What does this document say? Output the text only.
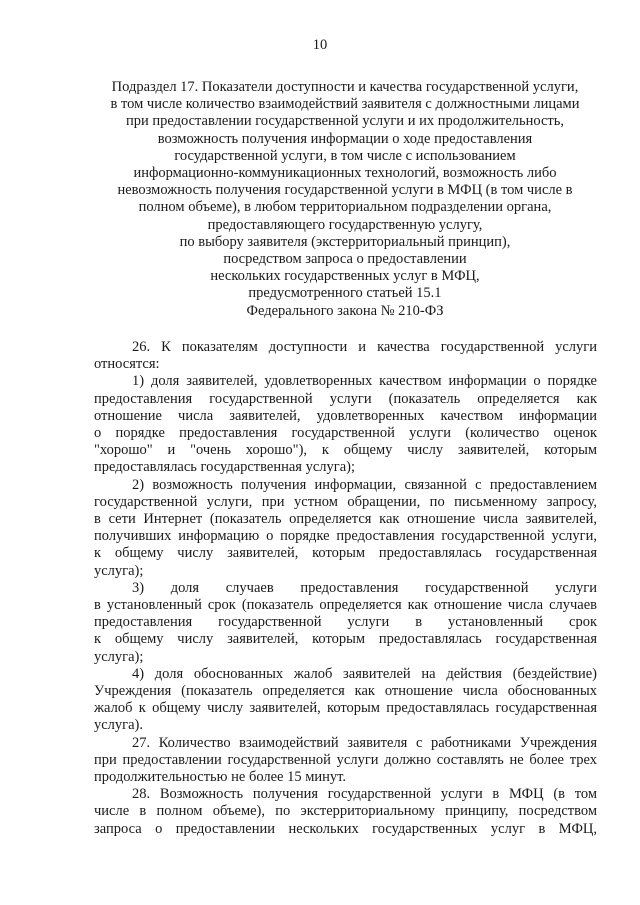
10
Подраздел 17. Показатели доступности и качества государственной услуги,
в том числе количество взаимодействий заявителя с должностными лицами
при предоставлении государственной услуги и их продолжительность,
возможность получения информации о ходе предоставления
государственной услуги, в том числе с использованием
информационно-коммуникационных технологий, возможность либо
невозможность получения государственной услуги в МФЦ (в том числе в
полном объеме), в любом территориальном подразделении органа,
предоставляющего государственную услугу,
по выбору заявителя (экстерриториальный принцип),
посредством запроса о предоставлении
нескольких государственных услуг в МФЦ,
предусмотренного статьей 15.1
Федерального закона № 210-ФЗ
26. К показателям доступности и качества государственной услуги
относятся:
1) доля заявителей, удовлетворенных качеством информации о порядке
предоставления государственной услуги (показатель определяется как
отношение числа заявителей, удовлетворенных качеством информации
о порядке предоставления государственной услуги (количество оценок
"хорошо" и "очень хорошо"), к общему числу заявителей, которым
предоставлялась государственная услуга);
2) возможность получения информации, связанной с предоставлением
государственной услуги, при устном обращении, по письменному запросу,
в сети Интернет (показатель определяется как отношение числа заявителей,
получивших информацию о порядке предоставления государственной услуги,
к общему числу заявителей, которым предоставлялась государственная
услуга);
3) доля случаев предоставления государственной услуги
в установленный срок (показатель определяется как отношение числа случаев
предоставления государственной услуги в установленный срок
к общему числу заявителей, которым предоставлялась государственная
услуга);
4) доля обоснованных жалоб заявителей на действия (бездействие)
Учреждения (показатель определяется как отношение числа обоснованных
жалоб к общему числу заявителей, которым предоставлялась государственная
услуга).
27. Количество взаимодействий заявителя с работниками Учреждения
при предоставлении государственной услуги должно составлять не более трех
продолжительностью не более 15 минут.
28. Возможность получения государственной услуги в МФЦ (в том
числе в полном объеме), по экстерриториальному принципу, посредством
запроса о предоставлении нескольких государственных услуг в МФЦ,
